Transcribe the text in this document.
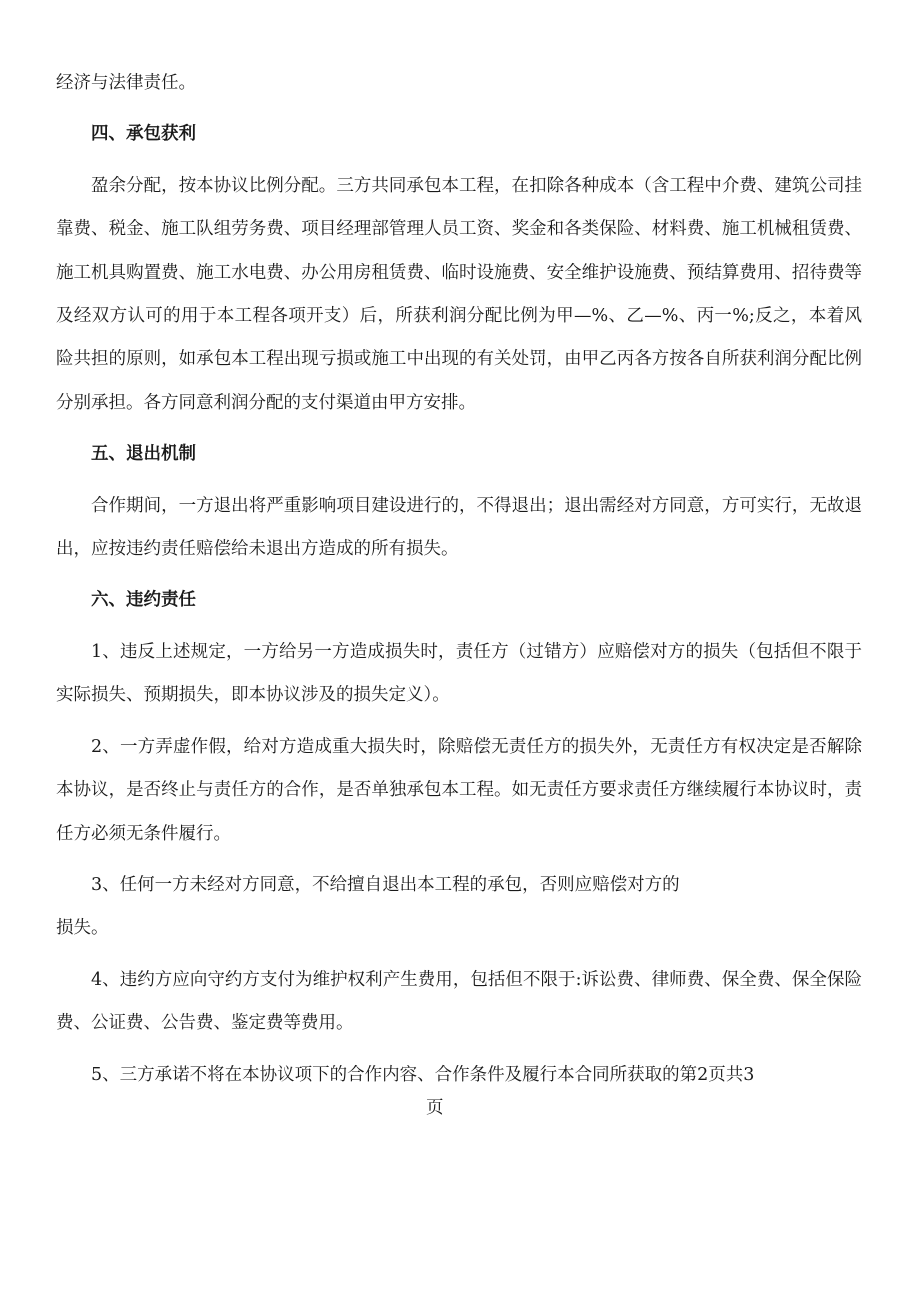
经济与法律责任。

四、承包获利

盈余分配，按本协议比例分配。三方共同承包本工程，在扣除各种成本（含工程中介费、建筑公司挂靠费、税金、施工队组劳务费、项目经理部管理人员工资、奖金和各类保险、材料费、施工机械租赁费、施工机具购置费、施工水电费、办公用房租赁费、临时设施费、安全维护设施费、预结算费用、招待费等及经双方认可的用于本工程各项开支）后，所获利润分配比例为甲—%、乙—%、丙一%;反之，本着风险共担的原则，如承包本工程出现亏损或施工中出现的有关处罚，由甲乙丙各方按各自所获利润分配比例分别承担。各方同意利润分配的支付渠道由甲方安排。

五、退出机制

合作期间，一方退出将严重影响项目建设进行的，不得退出；退出需经对方同意，方可实行，无故退出，应按违约责任赔偿给未退出方造成的所有损失。

六、违约责任

1、违反上述规定，一方给另一方造成损失时，责任方（过错方）应赔偿对方的损失（包括但不限于实际损失、预期损失，即本协议涉及的损失定义）。

2、一方弄虚作假，给对方造成重大损失时，除赔偿无责任方的损失外，无责任方有权决定是否解除本协议，是否终止与责任方的合作，是否单独承包本工程。如无责任方要求责任方继续履行本协议时，责任方必须无条件履行。

3、任何一方未经对方同意，不给擅自退出本工程的承包，否则应赔偿对方的

损失。

4、违约方应向守约方支付为维护权利产生费用，包括但不限于:诉讼费、律师费、保全费、保全保险费、公证费、公告费、鉴定费等费用。

5、三方承诺不将在本协议项下的合作内容、合作条件及履行本合同所获取的第2页共3

页
